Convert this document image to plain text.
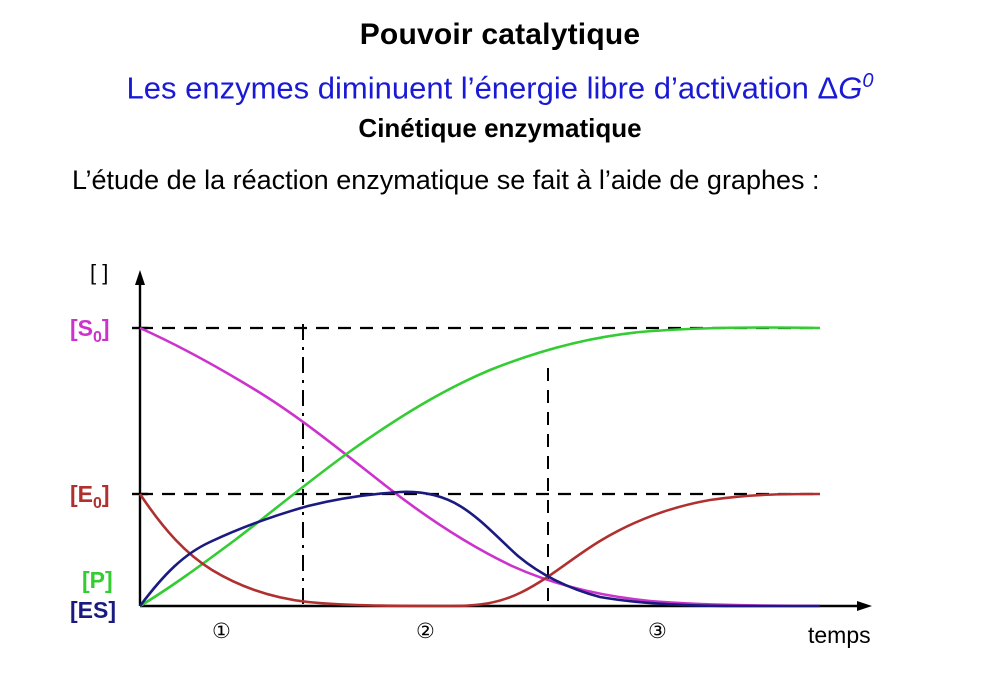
Pouvoir catalytique
Les enzymes diminuent l’énergie libre d’activation $\Delta G^0$
Cinétique enzymatique
L’étude de la réaction enzymatique se fait à l’aide de graphes :
$[S_0]$
$[E_0]$
[P]
[ES]
[ ]
temps
①	②	③
